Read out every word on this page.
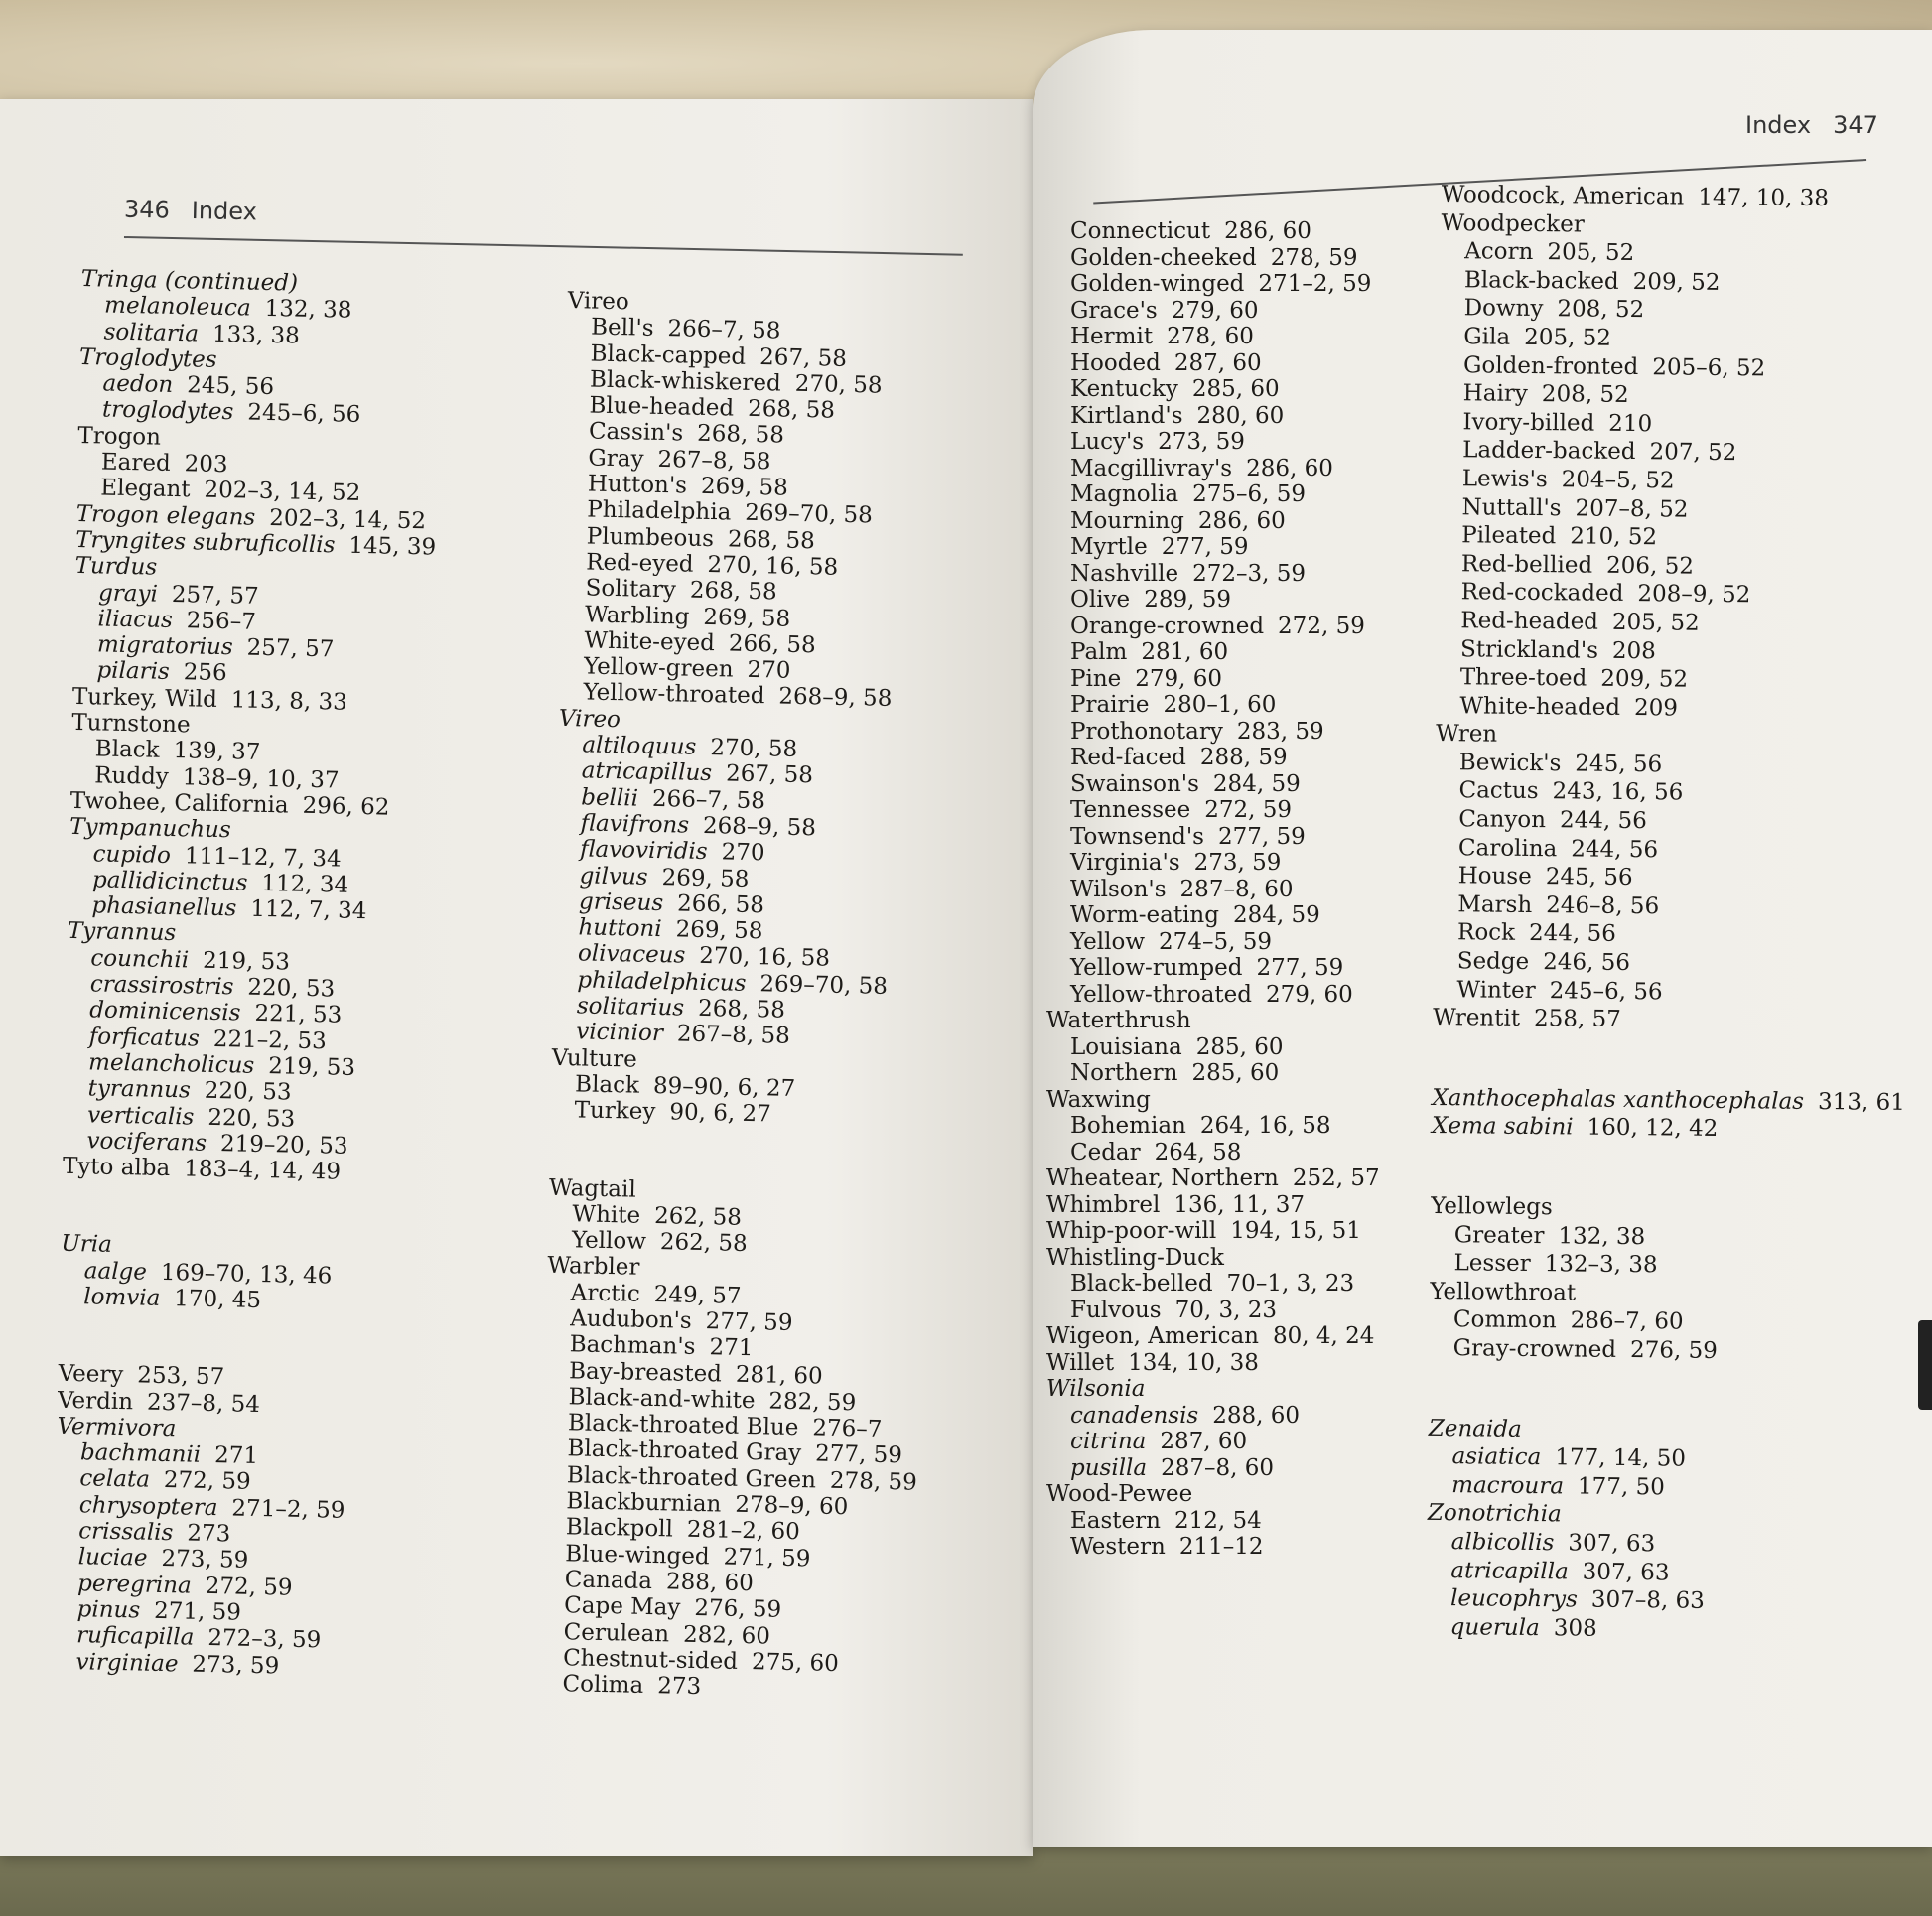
346 Index
Tringa (continued)
melanoleuca 132, 38
solitaria 133, 38
Troglodytes
aedon 245, 56
troglodytes 245–6, 56
Trogon
Eared 203
Elegant 202–3, 14, 52
Trogon elegans 202–3, 14, 52
Tryngites subruficollis 145, 39
Turdus
grayi 257, 57
iliacus 256–7
migratorius 257, 57
pilaris 256
Turkey, Wild 113, 8, 33
Turnstone
Black 139, 37
Ruddy 138–9, 10, 37
Twohee, California 296, 62
Tympanuchus
cupido 111–12, 7, 34
pallidicinctus 112, 34
phasianellus 112, 7, 34
Tyrannus
counchii 219, 53
crassirostris 220, 53
dominicensis 221, 53
forficatus 221–2, 53
melancholicus 219, 53
tyrannus 220, 53
verticalis 220, 53
vociferans 219–20, 53
Tyto alba 183–4, 14, 49
Uria
aalge 169–70, 13, 46
lomvia 170, 45
Veery 253, 57
Verdin 237–8, 54
Vermivora
bachmanii 271
celata 272, 59
chrysoptera 271–2, 59
crissalis 273
luciae 273, 59
peregrina 272, 59
pinus 271, 59
ruficapilla 272–3, 59
virginiae 273, 59
Vireo
Bell's 266–7, 58
Black-capped 267, 58
Black-whiskered 270, 58
Blue-headed 268, 58
Cassin's 268, 58
Gray 267–8, 58
Hutton's 269, 58
Philadelphia 269–70, 58
Plumbeous 268, 58
Red-eyed 270, 16, 58
Solitary 268, 58
Warbling 269, 58
White-eyed 266, 58
Yellow-green 270
Yellow-throated 268–9, 58
Vireo
altiloquus 270, 58
atricapillus 267, 58
bellii 266–7, 58
flavifrons 268–9, 58
flavoviridis 270
gilvus 269, 58
griseus 266, 58
huttoni 269, 58
olivaceus 270, 16, 58
philadelphicus 269–70, 58
solitarius 268, 58
vicinior 267–8, 58
Vulture
Black 89–90, 6, 27
Turkey 90, 6, 27
Wagtail
White 262, 58
Yellow 262, 58
Warbler
Arctic 249, 57
Audubon's 277, 59
Bachman's 271
Bay-breasted 281, 60
Black-and-white 282, 59
Black-throated Blue 276–7
Black-throated Gray 277, 59
Black-throated Green 278, 59
Blackburnian 278–9, 60
Blackpoll 281–2, 60
Blue-winged 271, 59
Canada 288, 60
Cape May 276, 59
Cerulean 282, 60
Chestnut-sided 275, 60
Colima 273
Index 347
Connecticut 286, 60
Golden-cheeked 278, 59
Golden-winged 271–2, 59
Grace's 279, 60
Hermit 278, 60
Hooded 287, 60
Kentucky 285, 60
Kirtland's 280, 60
Lucy's 273, 59
Macgillivray's 286, 60
Magnolia 275–6, 59
Mourning 286, 60
Myrtle 277, 59
Nashville 272–3, 59
Olive 289, 59
Orange-crowned 272, 59
Palm 281, 60
Pine 279, 60
Prairie 280–1, 60
Prothonotary 283, 59
Red-faced 288, 59
Swainson's 284, 59
Tennessee 272, 59
Townsend's 277, 59
Virginia's 273, 59
Wilson's 287–8, 60
Worm-eating 284, 59
Yellow 274–5, 59
Yellow-rumped 277, 59
Yellow-throated 279, 60
Waterthrush
Louisiana 285, 60
Northern 285, 60
Waxwing
Bohemian 264, 16, 58
Cedar 264, 58
Wheatear, Northern 252, 57
Whimbrel 136, 11, 37
Whip-poor-will 194, 15, 51
Whistling-Duck
Black-belled 70–1, 3, 23
Fulvous 70, 3, 23
Wigeon, American 80, 4, 24
Willet 134, 10, 38
Wilsonia
canadensis 288, 60
citrina 287, 60
pusilla 287–8, 60
Wood-Pewee
Eastern 212, 54
Western 211–12
Woodcock, American 147, 10, 38
Woodpecker
Acorn 205, 52
Black-backed 209, 52
Downy 208, 52
Gila 205, 52
Golden-fronted 205–6, 52
Hairy 208, 52
Ivory-billed 210
Ladder-backed 207, 52
Lewis's 204–5, 52
Nuttall's 207–8, 52
Pileated 210, 52
Red-bellied 206, 52
Red-cockaded 208–9, 52
Red-headed 205, 52
Strickland's 208
Three-toed 209, 52
White-headed 209
Wren
Bewick's 245, 56
Cactus 243, 16, 56
Canyon 244, 56
Carolina 244, 56
House 245, 56
Marsh 246–8, 56
Rock 244, 56
Sedge 246, 56
Winter 245–6, 56
Wrentit 258, 57
Xanthocephalas xanthocephalas 313, 61
Xema sabini 160, 12, 42
Yellowlegs
Greater 132, 38
Lesser 132–3, 38
Yellowthroat
Common 286–7, 60
Gray-crowned 276, 59
Zenaida
asiatica 177, 14, 50
macroura 177, 50
Zonotrichia
albicollis 307, 63
atricapilla 307, 63
leucophrys 307–8, 63
querula 308
